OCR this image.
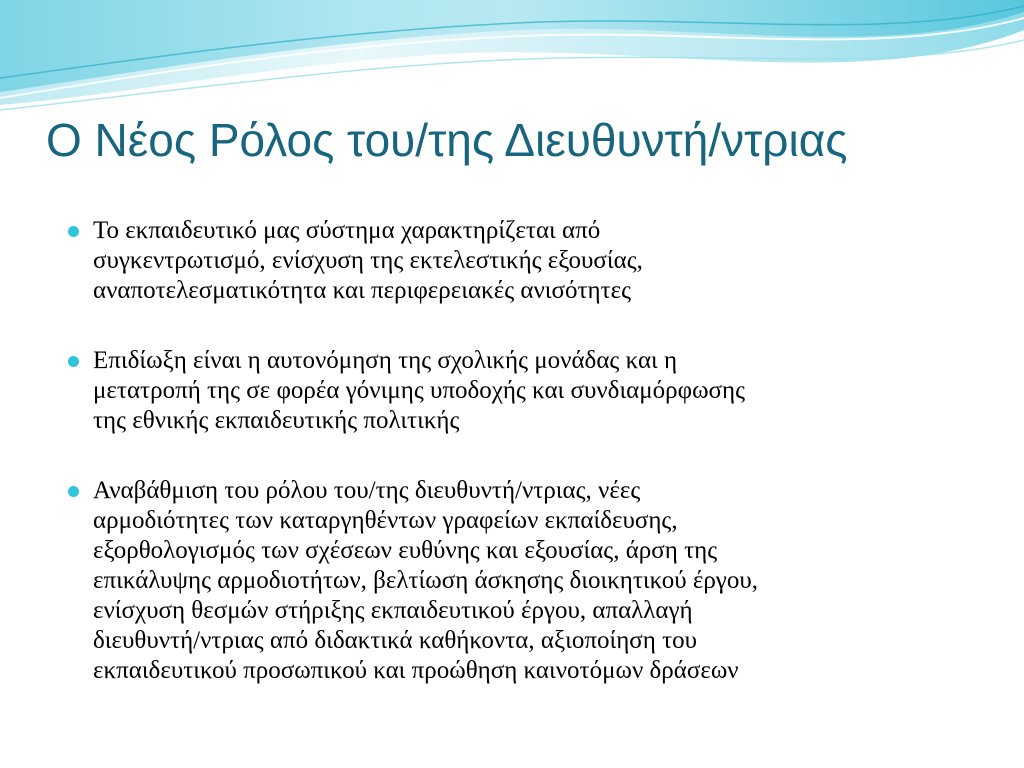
Ο Νέος Ρόλος του/της Διευθυντή/ντριας
Το εκπαιδευτικό μας σύστημα χαρακτηρίζεται από
συγκεντρωτισμό, ενίσχυση της εκτελεστικής εξουσίας,
αναποτελεσματικότητα και περιφερειακές ανισότητες
Επιδίωξη είναι η αυτονόμηση της σχολικής μονάδας και η
μετατροπή της σε φορέα γόνιμης υποδοχής και συνδιαμόρφωσης
της εθνικής εκπαιδευτικής πολιτικής
Αναβάθμιση του ρόλου του/της διευθυντή/ντριας, νέες
αρμοδιότητες των καταργηθέντων γραφείων εκπαίδευσης,
εξορθολογισμός των σχέσεων ευθύνης και εξουσίας, άρση της
επικάλυψης αρμοδιοτήτων, βελτίωση άσκησης διοικητικού έργου,
ενίσχυση θεσμών στήριξης εκπαιδευτικού έργου, απαλλαγή
διευθυντή/ντριας από διδακτικά καθήκοντα, αξιοποίηση του
εκπαιδευτικού προσωπικού και προώθηση καινοτόμων δράσεων
